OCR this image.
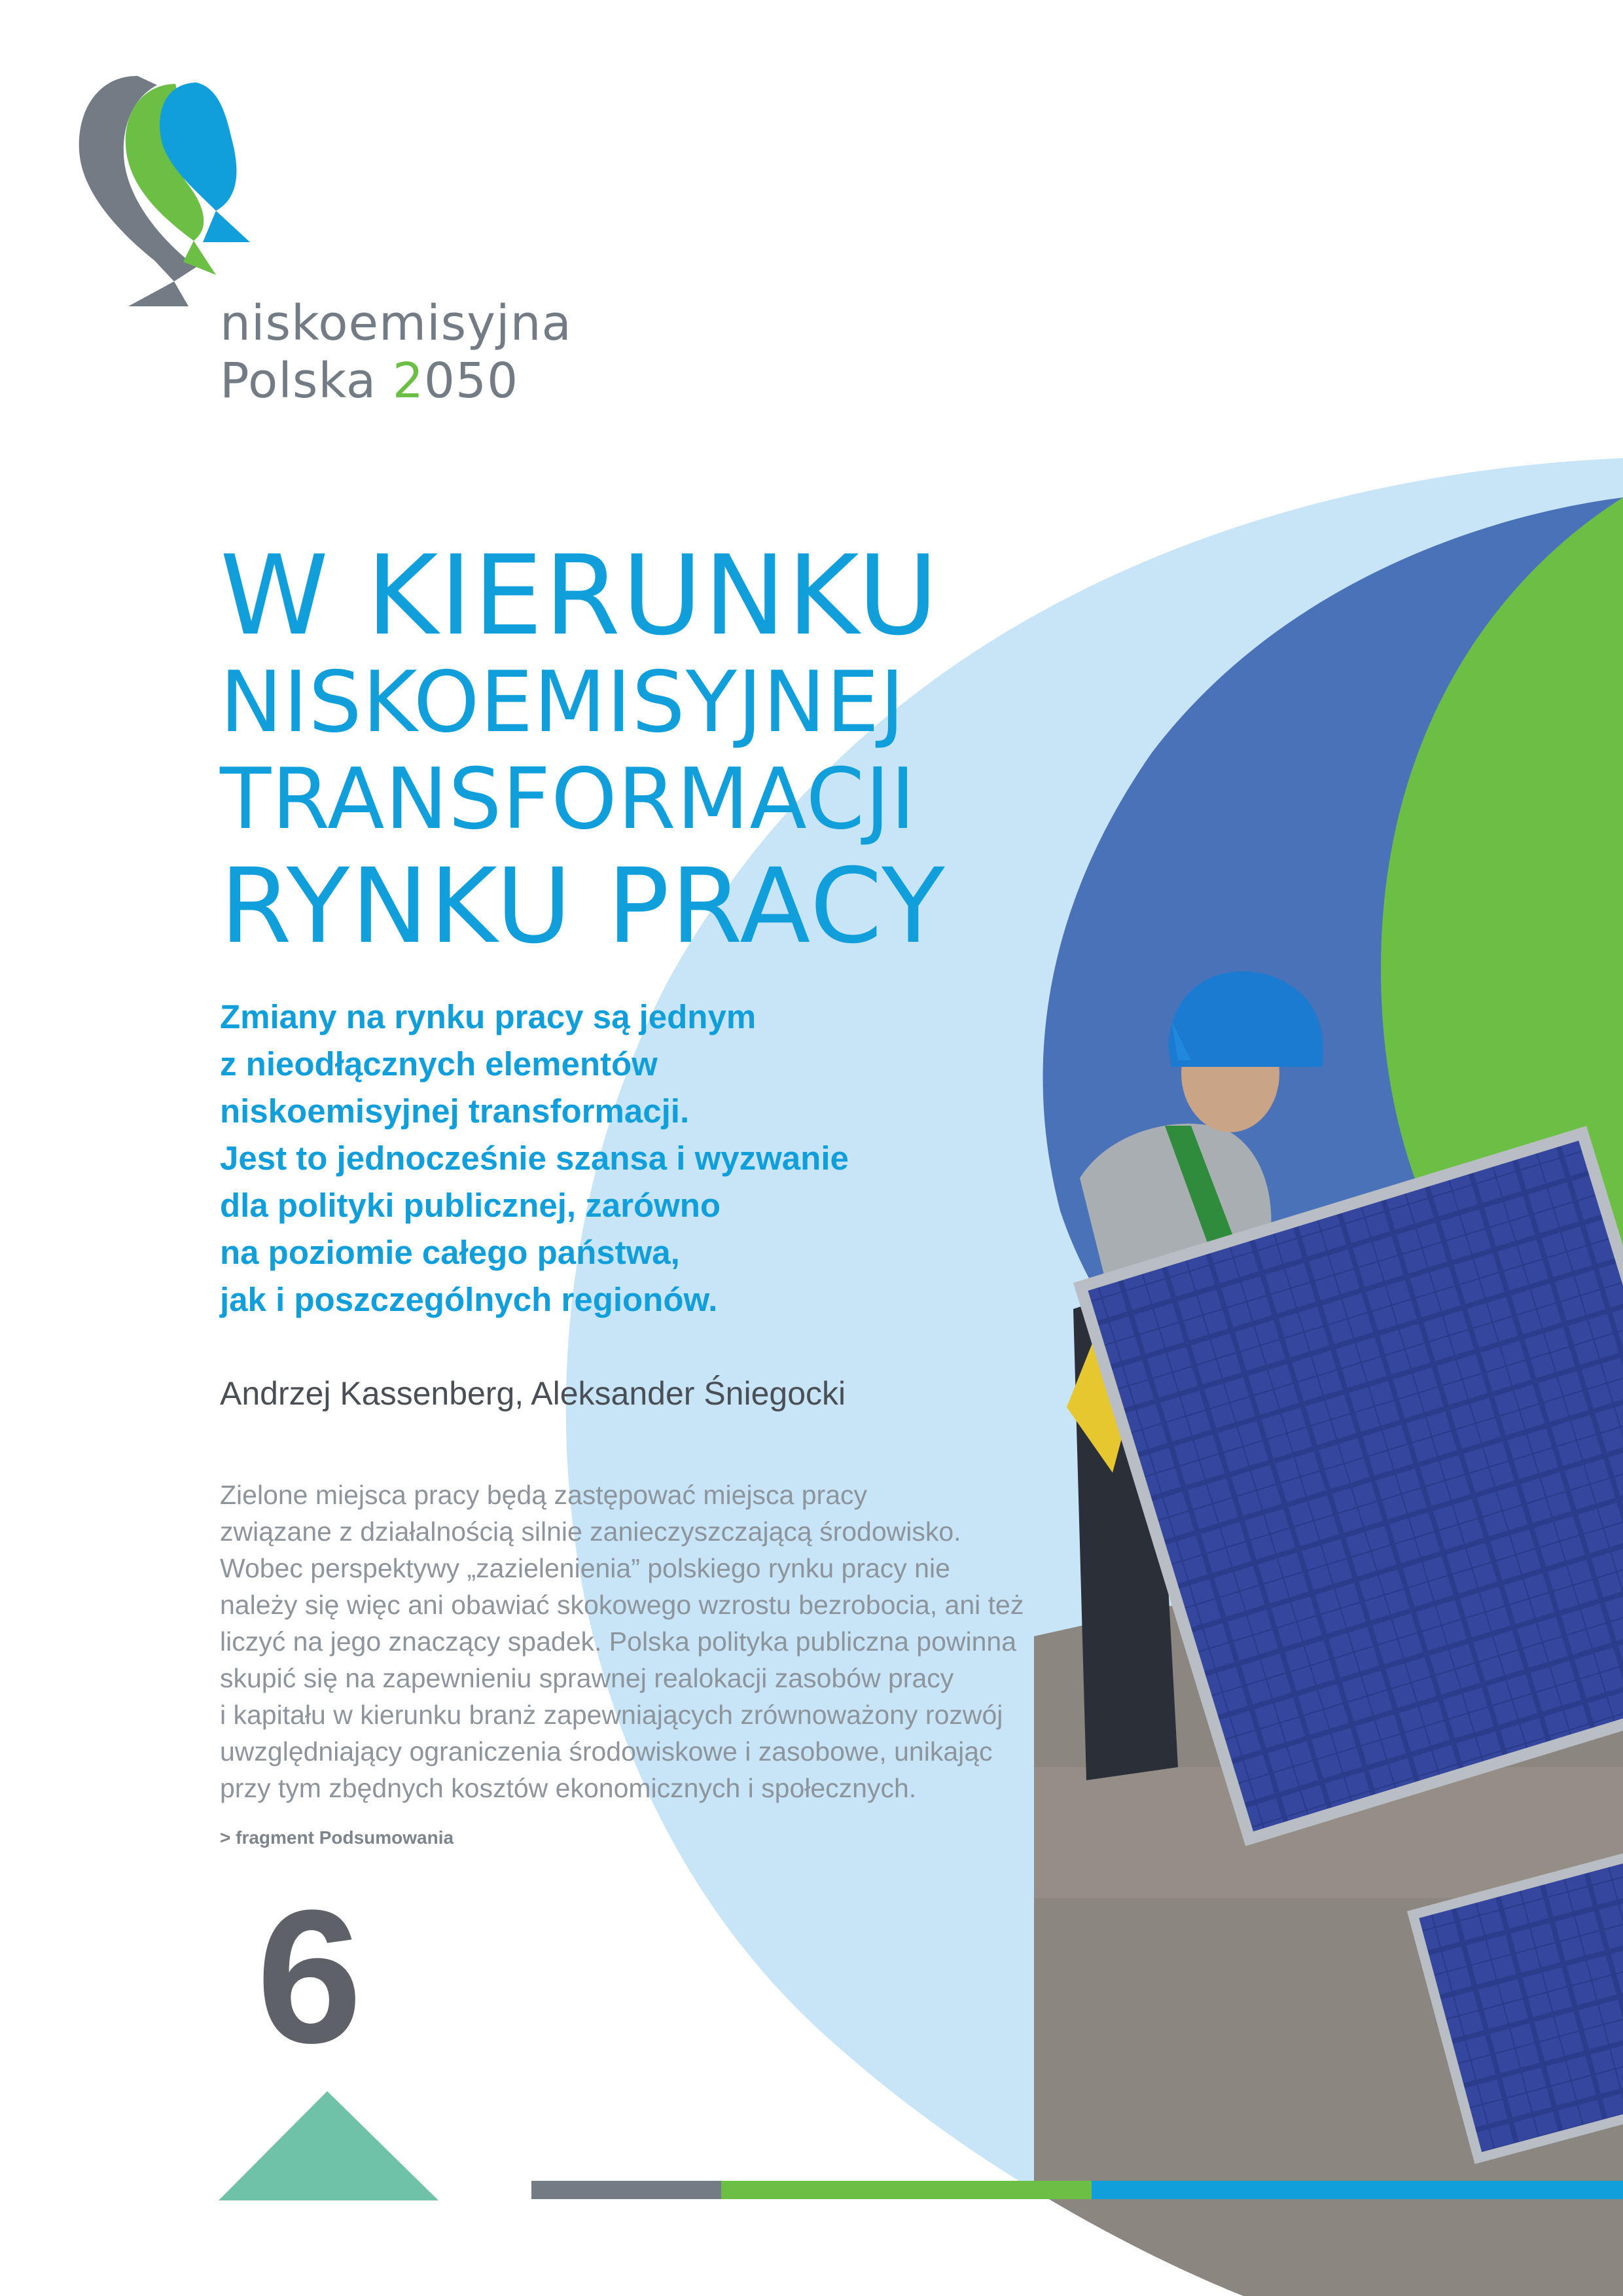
niskoemisyjna
Polska 2050
W KIERUNKU
NISKOEMISYJNEJ
TRANSFORMACJI
RYNKU PRACY
Zmiany na rynku pracy są jednym
z nieodłącznych elementów
niskoemisyjnej transformacji.
Jest to jednocześnie szansa i wyzwanie
dla polityki publicznej, zarówno
na poziomie całego państwa,
jak i poszczególnych regionów.
Andrzej Kassenberg, Aleksander Śniegocki
Zielone miejsca pracy będą zastępować miejsca pracy
związane z działalnością silnie zanieczyszczającą środowisko.
Wobec perspektywy „zazielenienia” polskiego rynku pracy nie
należy się więc ani obawiać skokowego wzrostu bezrobocia, ani też
liczyć na jego znaczący spadek. Polska polityka publiczna powinna
skupić się na zapewnieniu sprawnej realokacji zasobów pracy
i kapitału w kierunku branż zapewniających zrównoważony rozwój
uwzględniający ograniczenia środowiskowe i zasobowe, unikając
przy tym zbędnych kosztów ekonomicznych i społecznych.
> fragment Podsumowania
6
